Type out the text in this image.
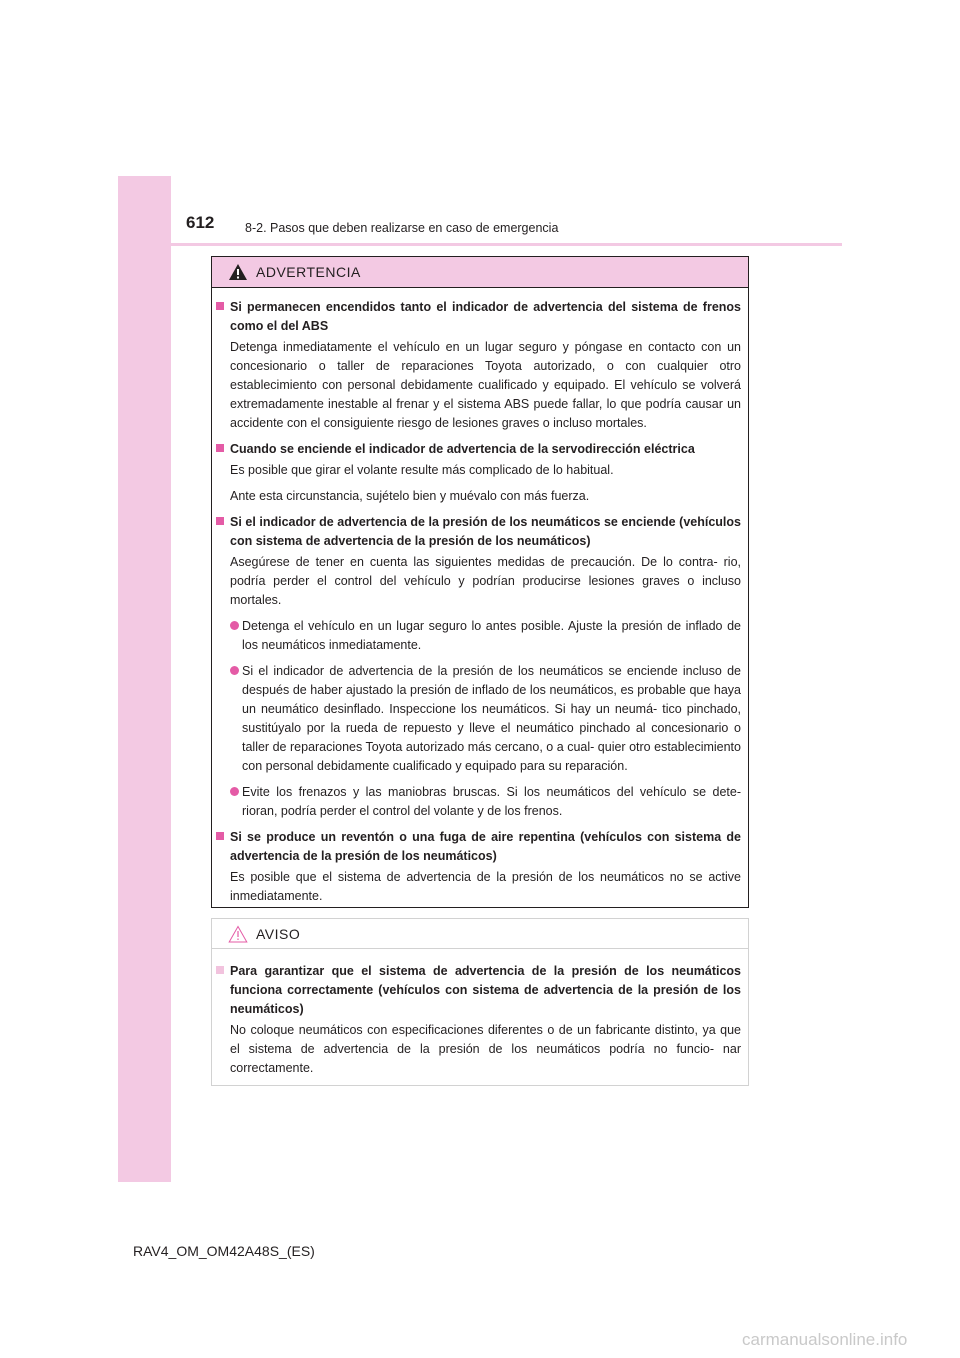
612 8-2. Pasos que deben realizarse en caso de emergencia
ADVERTENCIA
Si permanecen encendidos tanto el indicador de advertencia del sistema de frenos como el del ABS
Detenga inmediatamente el vehículo en un lugar seguro y póngase en contacto con un concesionario o taller de reparaciones Toyota autorizado, o con cualquier otro establecimiento con personal debidamente cualificado y equipado. El vehículo se volverá extremadamente inestable al frenar y el sistema ABS puede fallar, lo que podría causar un accidente con el consiguiente riesgo de lesiones graves o incluso mortales.
Cuando se enciende el indicador de advertencia de la servodirección eléctrica
Es posible que girar el volante resulte más complicado de lo habitual.
Ante esta circunstancia, sujételo bien y muévalo con más fuerza.
Si el indicador de advertencia de la presión de los neumáticos se enciende (vehículos con sistema de advertencia de la presión de los neumáticos)
Asegúrese de tener en cuenta las siguientes medidas de precaución. De lo contra- rio, podría perder el control del vehículo y podrían producirse lesiones graves o incluso mortales.
Detenga el vehículo en un lugar seguro lo antes posible. Ajuste la presión de inflado de los neumáticos inmediatamente.
Si el indicador de advertencia de la presión de los neumáticos se enciende incluso de después de haber ajustado la presión de inflado de los neumáticos, es probable que haya un neumático desinflado. Inspeccione los neumáticos. Si hay un neumá- tico pinchado, sustitúyalo por la rueda de repuesto y lleve el neumático pinchado al concesionario o taller de reparaciones Toyota autorizado más cercano, o a cual- quier otro establecimiento con personal debidamente cualificado y equipado para su reparación.
Evite los frenazos y las maniobras bruscas. Si los neumáticos del vehículo se dete- rioran, podría perder el control del volante y de los frenos.
Si se produce un reventón o una fuga de aire repentina (vehículos con sistema de advertencia de la presión de los neumáticos)
Es posible que el sistema de advertencia de la presión de los neumáticos no se active inmediatamente.
AVISO
Para garantizar que el sistema de advertencia de la presión de los neumáticos funciona correctamente (vehículos con sistema de advertencia de la presión de los neumáticos)
No coloque neumáticos con especificaciones diferentes o de un fabricante distinto, ya que el sistema de advertencia de la presión de los neumáticos podría no funcio- nar correctamente.
RAV4_OM_OM42A48S_(ES)
carmanualsonline.info
